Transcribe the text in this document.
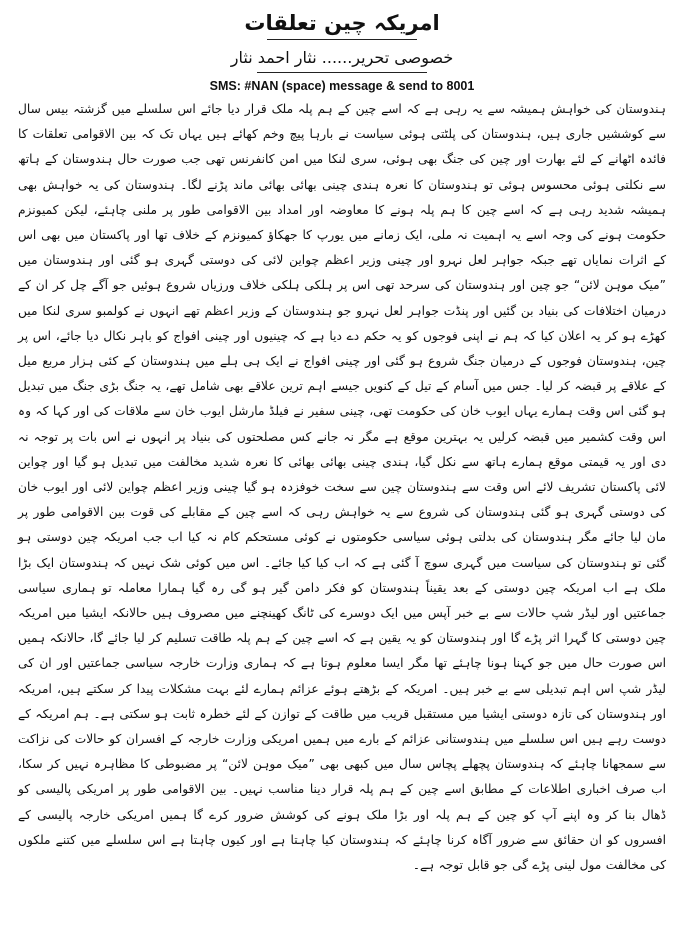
امریکہ چین تعلقات

خصوصی تحریر...... نثار احمد نثار

SMS: #NAN (space) message & send to 8001

ہندوستان کی خواہش ہمیشہ سے یہ رہی ہے کہ اسے چین کے ہم پلہ ملک قرار دیا جائے اس سلسلے میں گزشتہ بیس سال سے کوششیں جاری ہیں، ہندوستان کی پلٹتی ہوئی سیاست نے بارہا پیچ وخم کھائے ہیں یہاں تک کہ بین الاقوامی تعلقات کا فائدہ اٹھانے کے لئے بھارت اور چین کی جنگ بھی ہوئی، سری لنکا میں امن کانفرنس تھی جب صورت حال ہندوستان کے ہاتھ سے نکلتی ہوئی محسوس ہوئی تو ہندوستان کا نعرہ ہندی چینی بھائی بھائی ماند پڑنے لگا۔ ہندوستان کی یہ خواہش بھی ہمیشہ شدید رہی ہے کہ اسے چین کا ہم پلہ ہونے کا معاوضہ اور امداد بین الاقوامی طور پر ملنی چاہئے، لیکن کمیونزم حکومت ہونے کی وجہ اسے یہ اہمیت نہ ملی، ایک زمانے میں یورپ کا جھکاؤ کمیونزم کے خلاف تھا اور پاکستان میں بھی اس کے اثرات نمایاں تھے جبکہ جواہر لعل نہرو اور چینی وزیر اعظم چواین لائی کی دوستی گہری ہو گئی اور ہندوستان میں ”میک موہن لائن“ جو چین اور ہندوستان کی سرحد تھی اس پر ہلکی ہلکی خلاف ورزیاں شروع ہوئیں جو آگے چل کر ان کے درمیان اختلافات کی بنیاد بن گئیں اور پنڈت جواہر لعل نہرو جو ہندوستان کے وزیر اعظم تھے انہوں نے کولمبو سری لنکا میں کھڑے ہو کر یہ اعلان کیا کہ ہم نے اپنی فوجوں کو یہ حکم دے دیا ہے کہ چینیوں اور چینی افواج کو باہر نکال دیا جائے، اس پر چین، ہندوستان فوجوں کے درمیان جنگ شروع ہو گئی اور چینی افواج نے ایک ہی ہلے میں ہندوستان کے کئی ہزار مربع میل کے علاقے پر قبضہ کر لیا۔ جس میں آسام کے تیل کے کنویں جیسے اہم ترین علاقے بھی شامل تھے، یہ جنگ بڑی جنگ میں تبدیل ہو گئی اس وقت ہمارے یہاں ایوب خان کی حکومت تھی، چینی سفیر نے فیلڈ مارشل ایوب خان سے ملاقات کی اور کہا کہ وہ اس وقت کشمیر میں قبضہ کرلیں یہ بہترین موقع ہے مگر نہ جانے کس مصلحتوں کی بنیاد پر انہوں نے اس بات پر توجہ نہ دی اور یہ قیمتی موقع ہمارے ہاتھ سے نکل گیا، ہندی چینی بھائی بھائی کا نعرہ شدید مخالفت میں تبدیل ہو گیا اور چواین لائی پاکستان تشریف لائے اس وقت سے ہندوستان چین سے سخت خوفزدہ ہو گیا چینی وزیر اعظم چواین لائی اور ایوب خان کی دوستی گہری ہو گئی ہندوستان کی شروع سے یہ خواہش رہی کہ اسے چین کے مقابلے کی قوت بین الاقوامی طور پر مان لیا جائے مگر ہندوستان کی بدلتی ہوئی سیاسی حکومتوں نے کوئی مستحکم کام نہ کیا اب جب امریکہ چین دوستی ہو گئی تو ہندوستان کی سیاست میں گہری سوچ آ گئی ہے کہ اب کیا کیا جائے۔ اس میں کوئی شک نہیں کہ ہندوستان ایک بڑا ملک ہے اب امریکہ چین دوستی کے بعد یقیناً ہندوستان کو فکر دامن گیر ہو گی رہ گیا ہمارا معاملہ تو ہماری سیاسی جماعتیں اور لیڈر شپ حالات سے بے خبر آپس میں ایک دوسرے کی ٹانگ کھینچنے میں مصروف ہیں حالانکہ ایشیا میں امریکہ چین دوستی کا گہرا اثر پڑے گا اور ہندوستان کو یہ یقین ہے کہ اسے چین کے ہم پلہ طاقت تسلیم کر لیا جائے گا، حالانکہ ہمیں اس صورت حال میں جو کہنا ہونا چاہئے تھا مگر ایسا معلوم ہوتا ہے کہ ہماری وزارت خارجہ سیاسی جماعتیں اور ان کی لیڈر شپ اس اہم تبدیلی سے بے خبر ہیں۔ امریکہ کے بڑھتے ہوئے عزائم ہمارے لئے بہت مشکلات پیدا کر سکتے ہیں، امریکہ اور ہندوستان کی تازہ دوستی ایشیا میں مستقبل قریب میں طاقت کے توازن کے لئے خطرہ ثابت ہو سکتی ہے۔ ہم امریکہ کے دوست رہے ہیں اس سلسلے میں ہندوستانی عزائم کے بارے میں ہمیں امریکی وزارت خارجہ کے افسران کو حالات کی نزاکت سے سمجھانا چاہئے کہ ہندوستان پچھلے پچاس سال میں کبھی بھی ”میک موہن لائن“ پر مضبوطی کا مظاہرہ نہیں کر سکا، اب صرف اخباری اطلاعات کے مطابق اسے چین کے ہم پلہ قرار دینا مناسب نہیں۔ بین الاقوامی طور پر امریکی پالیسی کو ڈھال بنا کر وہ اپنے آپ کو چین کے ہم پلہ اور بڑا ملک ہونے کی کوشش ضرور کرے گا ہمیں امریکی خارجہ پالیسی کے افسروں کو ان حقائق سے ضرور آگاہ کرنا چاہئے کہ ہندوستان کیا چاہتا ہے اور کیوں چاہتا ہے اس سلسلے میں کتنے ملکوں کی مخالفت مول لینی پڑے گی جو قابل توجہ ہے۔
